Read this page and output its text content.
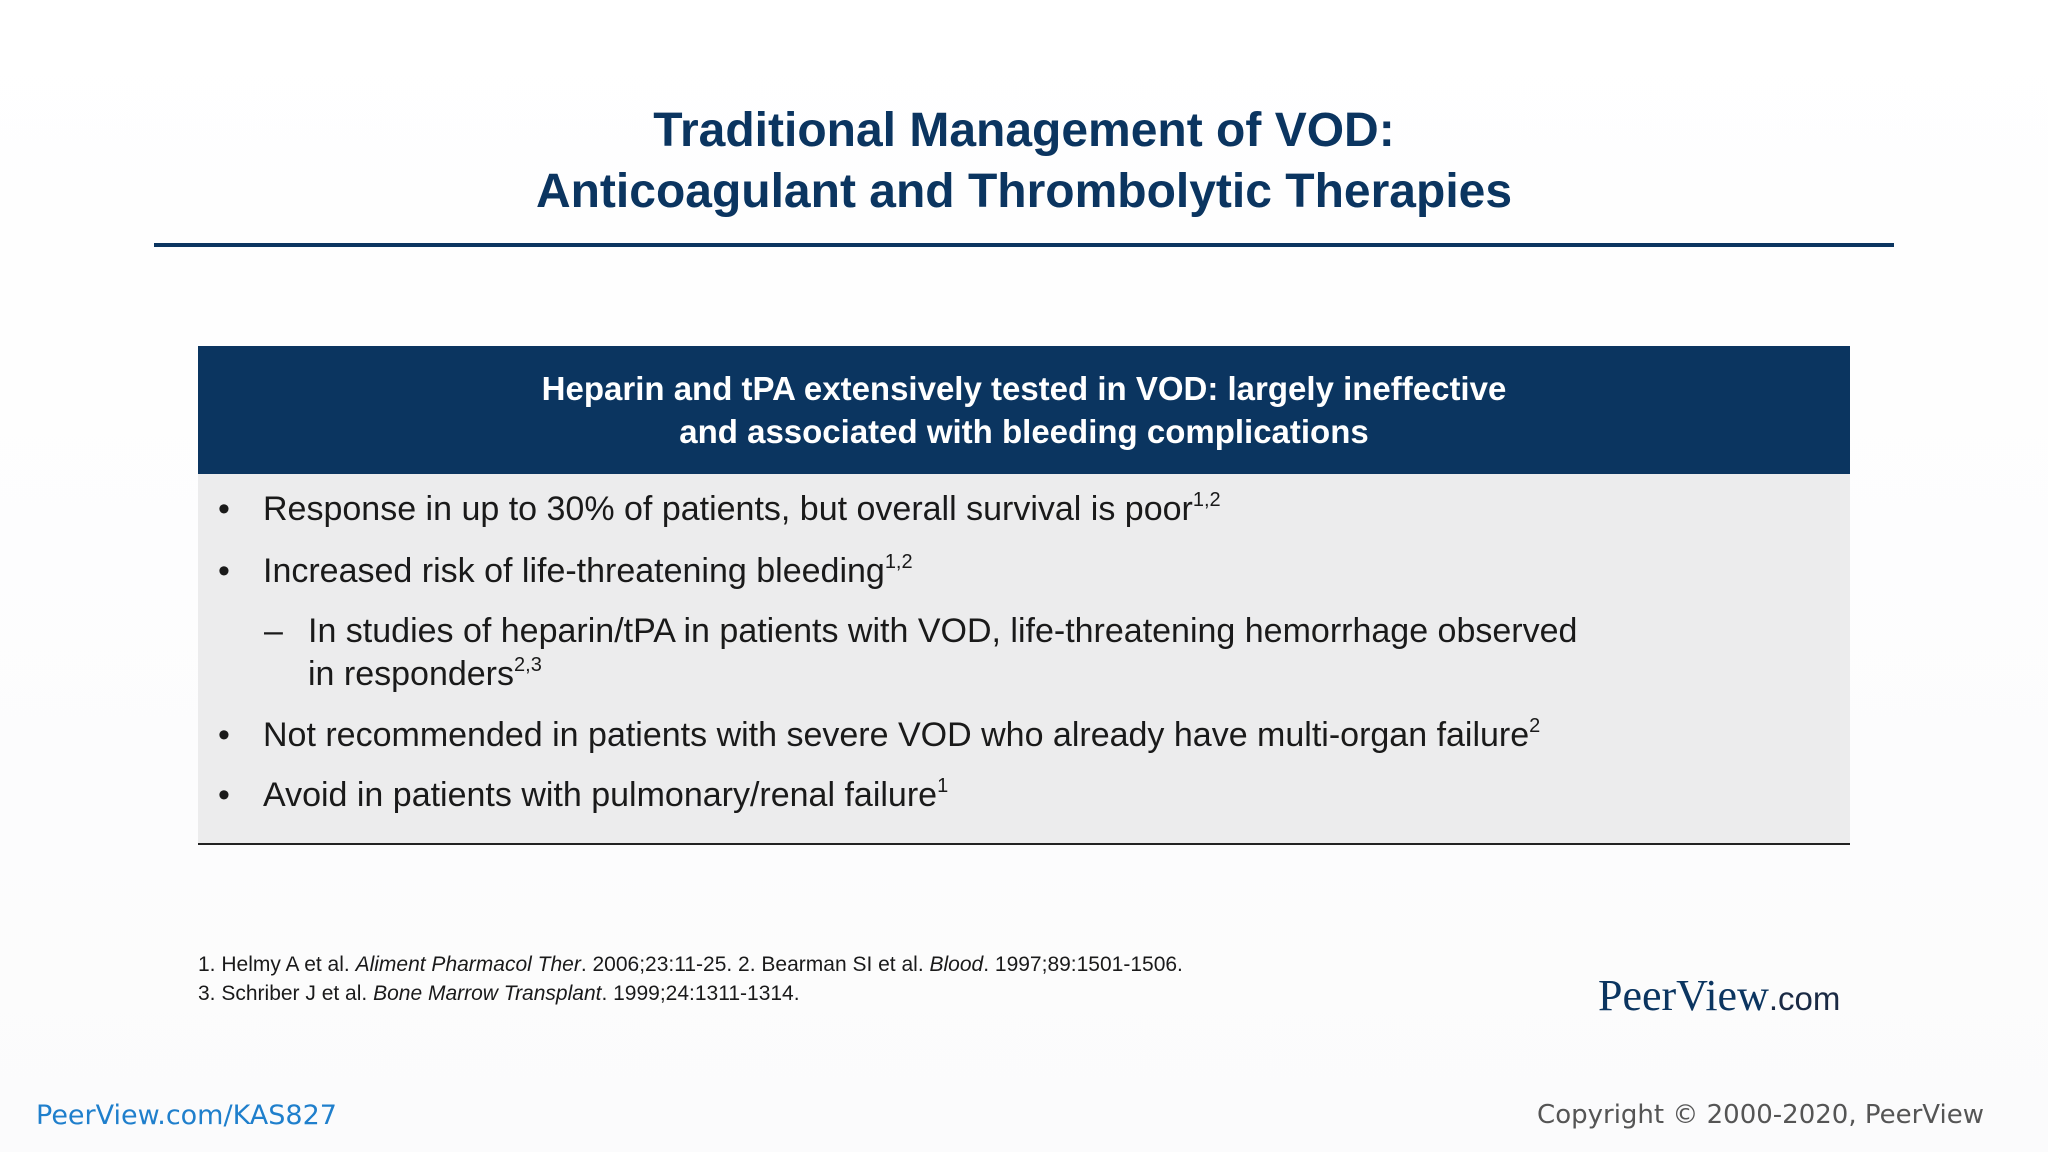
Traditional Management of VOD:
Anticoagulant and Thrombolytic Therapies
Heparin and tPA extensively tested in VOD: largely ineffective
and associated with bleeding complications
• Response in up to 30% of patients, but overall survival is poor$^{1,2}$
• Increased risk of life-threatening bleeding$^{1,2}$
– In studies of heparin/tPA in patients with VOD, life-threatening hemorrhage observed
in responders$^{2,3}$
• Not recommended in patients with severe VOD who already have multi-organ failure$^2$
• Avoid in patients with pulmonary/renal failure$^1$
1. Helmy A et al. Aliment Pharmacol Ther. 2006;23:11-25. 2. Bearman SI et al. Blood. 1997;89:1501-1506.
3. Schriber J et al. Bone Marrow Transplant. 1999;24:1311-1314.	PeerView.com
PeerView.com/KAS827	Copyright © 2000-2020, PeerView
